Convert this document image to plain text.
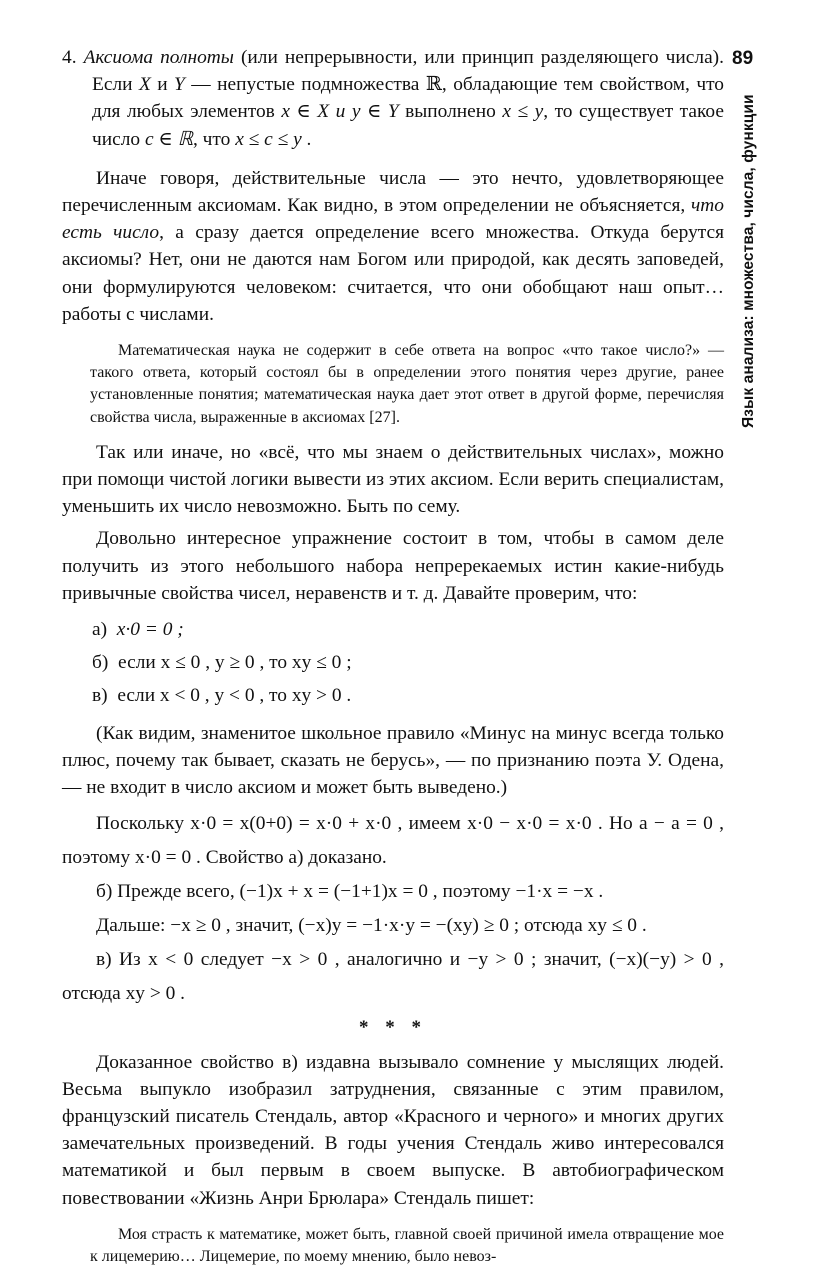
89
Язык анализа: множества, числа, функции

4. Аксиома полноты (или непрерывности, или принцип разделяющего числа). Если X и Y — непустые подмножества ℝ, обладающие тем свойством, что для любых элементов x ∈ X и y ∈ Y выполнено x ≤ y, то существует такое число c ∈ ℝ, что x ≤ c ≤ y .

Иначе говоря, действительные числа — это нечто, удовлетворяющее перечисленным аксиомам. Как видно, в этом определении не объясняется, что есть число, а сразу дается определение всего множества. Откуда берутся аксиомы? Нет, они не даются нам Богом или природой, как десять заповедей, они формулируются человеком: считается, что они обобщают наш опыт… работы с числами.

Математическая наука не содержит в себе ответа на вопрос «что такое число?» — такого ответа, который состоял бы в определении этого понятия через другие, ранее установленные понятия; математическая наука дает этот ответ в другой форме, перечисляя свойства числа, выраженные в аксиомах [27].

Так или иначе, но «всё, что мы знаем о действительных числах», можно при помощи чистой логики вывести из этих аксиом. Если верить специалистам, уменьшить их число невозможно. Быть по сему.

Довольно интересное упражнение состоит в том, чтобы в самом деле получить из этого небольшого набора непререкаемых истин какие-нибудь привычные свойства чисел, неравенств и т. д. Давайте проверим, что:

а) x·0 = 0 ;
б) если x ≤ 0 , y ≥ 0 , то xy ≤ 0 ;
в) если x < 0 , y < 0 , то xy > 0 .

(Как видим, знаменитое школьное правило «Минус на минус всегда только плюс, почему так бывает, сказать не берусь», — по признанию поэта У. Одена, — не входит в число аксиом и может быть выведено.)

Поскольку x·0 = x(0+0) = x·0 + x·0 , имеем x·0 − x·0 = x·0 . Но a − a = 0 , поэтому x·0 = 0 . Свойство а) доказано.

б) Прежде всего, (−1)x + x = (−1+1)x = 0 , поэтому −1·x = −x .

Дальше: −x ≥ 0 , значит, (−x)y = −1·x·y = −(xy) ≥ 0 ; отсюда xy ≤ 0 .

в) Из x < 0 следует −x > 0 , аналогично и −y > 0 ; значит, (−x)(−y) > 0 , отсюда xy > 0 .

* * *

Доказанное свойство в) издавна вызывало сомнение у мыслящих людей. Весьма выпукло изобразил затруднения, связанные с этим правилом, французский писатель Стендаль, автор «Красного и черного» и многих других замечательных произведений. В годы учения Стендаль живо интересовался математикой и был первым в своем выпуске. В автобиографическом повествовании «Жизнь Анри Брюлара» Стендаль пишет:

Моя страсть к математике, может быть, главной своей причиной имела отвращение мое к лицемерию… Лицемерие, по моему мнению, было невоз-
